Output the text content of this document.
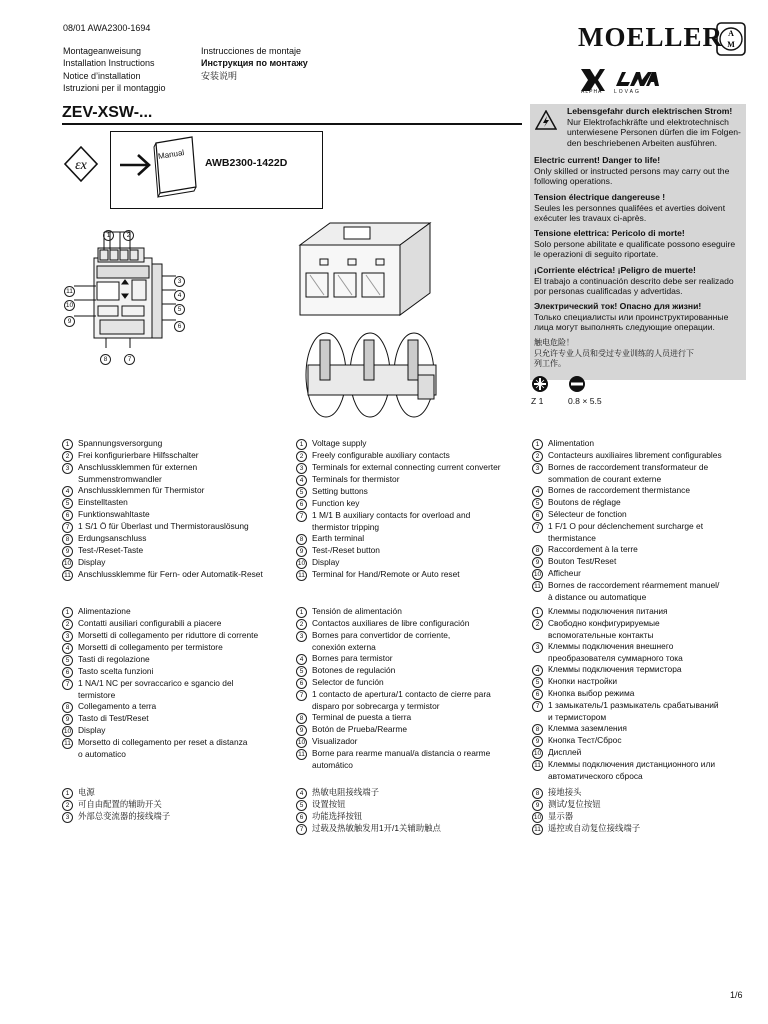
08/01 AWA2300-1694
Montageanweisung
Installation Instructions
Notice d’installation
Istruzioni per il montaggio
Instrucciones de montaje
Инструкция по монтажу
安装说明
MOELLER A
M
ALPHA LOVAG
ZEV-XSW-...
εx
Manual
AWB2300-1422D
1	2
3
4
5
6
7
8
9
10
11
Lebensgefahr durch elektrischen Strom!
Nur Elektrofachkräfte und elektrotechnisch unterwiesene Personen dürfen die im Folgen-den beschriebenen Arbeiten ausführen.
Electric current! Danger to life!
Only skilled or instructed persons may carry out the following operations.
Tension électrique dangereuse !
Seules les personnes qualifées et averties doivent exécuter les travaux ci-après.
Tensione elettrica: Pericolo di morte!
Solo persone abilitate e qualificate possono eseguire le operazioni di seguito riportate.
¡Corriente eléctrica! ¡Peligro de muerte!
El trabajo a continuación descrito debe ser realizado por personas cualificadas y advertidas.
Электрический ток! Опасно для жизни!
Только специалисты или проинструктированные лица могут выполнять следующие операции.
触电危险！
只允许专业人员和受过专业训练的人员进行下列工作。
Z 1	0.8 × 5.5
1	Spannungsversorgung
2	Frei konfigurierbare Hilfsschalter
3	Anschlussklemmen für externen
Summenstromwandler
4	Anschlussklemmen für Thermistor
5	Einstelltasten
6	Funktionswahltaste
7	1 S/1 Ö für Überlast und Thermistorauslösung
8	Erdungsanschluss
9	Test-/Reset-Taste
10 Display
11 Anschlussklemme für Fern- oder Automatik-Reset
1	Voltage supply
2	Freely configurable auxiliary contacts
3	Terminals for external connecting current converter
4	Terminals for thermistor
5	Setting buttons
6	Function key
7	1 M/1 B auxiliary contacts for overload and
thermistor tripping
8	Earth terminal
9	Test-/Reset button
10 Display
11 Terminal for Hand/Remote or Auto reset
1	Alimentation
2	Contacteurs auxiliaires librement configurables
3	Bornes de raccordement transformateur de
sommation de courant externe
4	Bornes de raccordement thermistance
5	Boutons de réglage
6	Sélecteur de fonction
7	1 F/1 O pour déclenchement surcharge et
thermistance
8	Raccordement à la terre
9	Bouton Test/Reset
10 Afficheur
11 Bornes de raccordement réarmement manuel/
à distance ou automatique
1	Alimentazione
2	Contatti ausiliari configurabili a piacere
3	Morsetti di collegamento per riduttore di corrente
4	Morsetti di collegamento per termistore
5	Tasti di regolazione
6	Tasto scelta funzioni
7	1 NA/1 NC per sovraccarico e sgancio del
termistore
8	Collegamento a terra
9	Tasto di Test/Reset
10 Display
11 Morsetto di collegamento per reset a distanza
o automatico
1	Tensión de alimentación
2	Contactos auxiliares de libre configuración
3	Bornes para convertidor de corriente,
conexión externa
4	Bornes para termistor
5	Botones de regulación
6	Selector de función
7	1 contacto de apertura/1 contacto de cierre para
disparo por sobrecarga y termistor
8	Terminal de puesta a tierra
9	Botón de Prueba/Rearme
10 Visualizador
11 Borne para rearme manual/a distancia o rearme
automático
1	Клеммы подключения питания
2	Свободно конфигурируемые
вспомогательные контакты
3	Клеммы подключения внешнего
преобразователя суммарного тока
4	Клеммы подключения термистора
5	Кнопки настройки
6	Кнопка выбор режима
7	1 замыкатель/1 размыкатель срабатываний
и термистором
8	Клемма заземления
9	Кнопка Тест/Сброс
10 Дисплей
11 Клеммы подключения дистанционного или
автоматического сброса
1	电源
2	可自由配置的辅助开关
3	外部总变流器的接线端子
4	热敏电阻接线端子
5	设置按钮
6	功能选择按钮
7	过载及热敏触发用1开/1关辅助触点
8	接地接头
9	测试/复位按钮
10 显示器
11 遥控或自动复位接线端子
1/6
